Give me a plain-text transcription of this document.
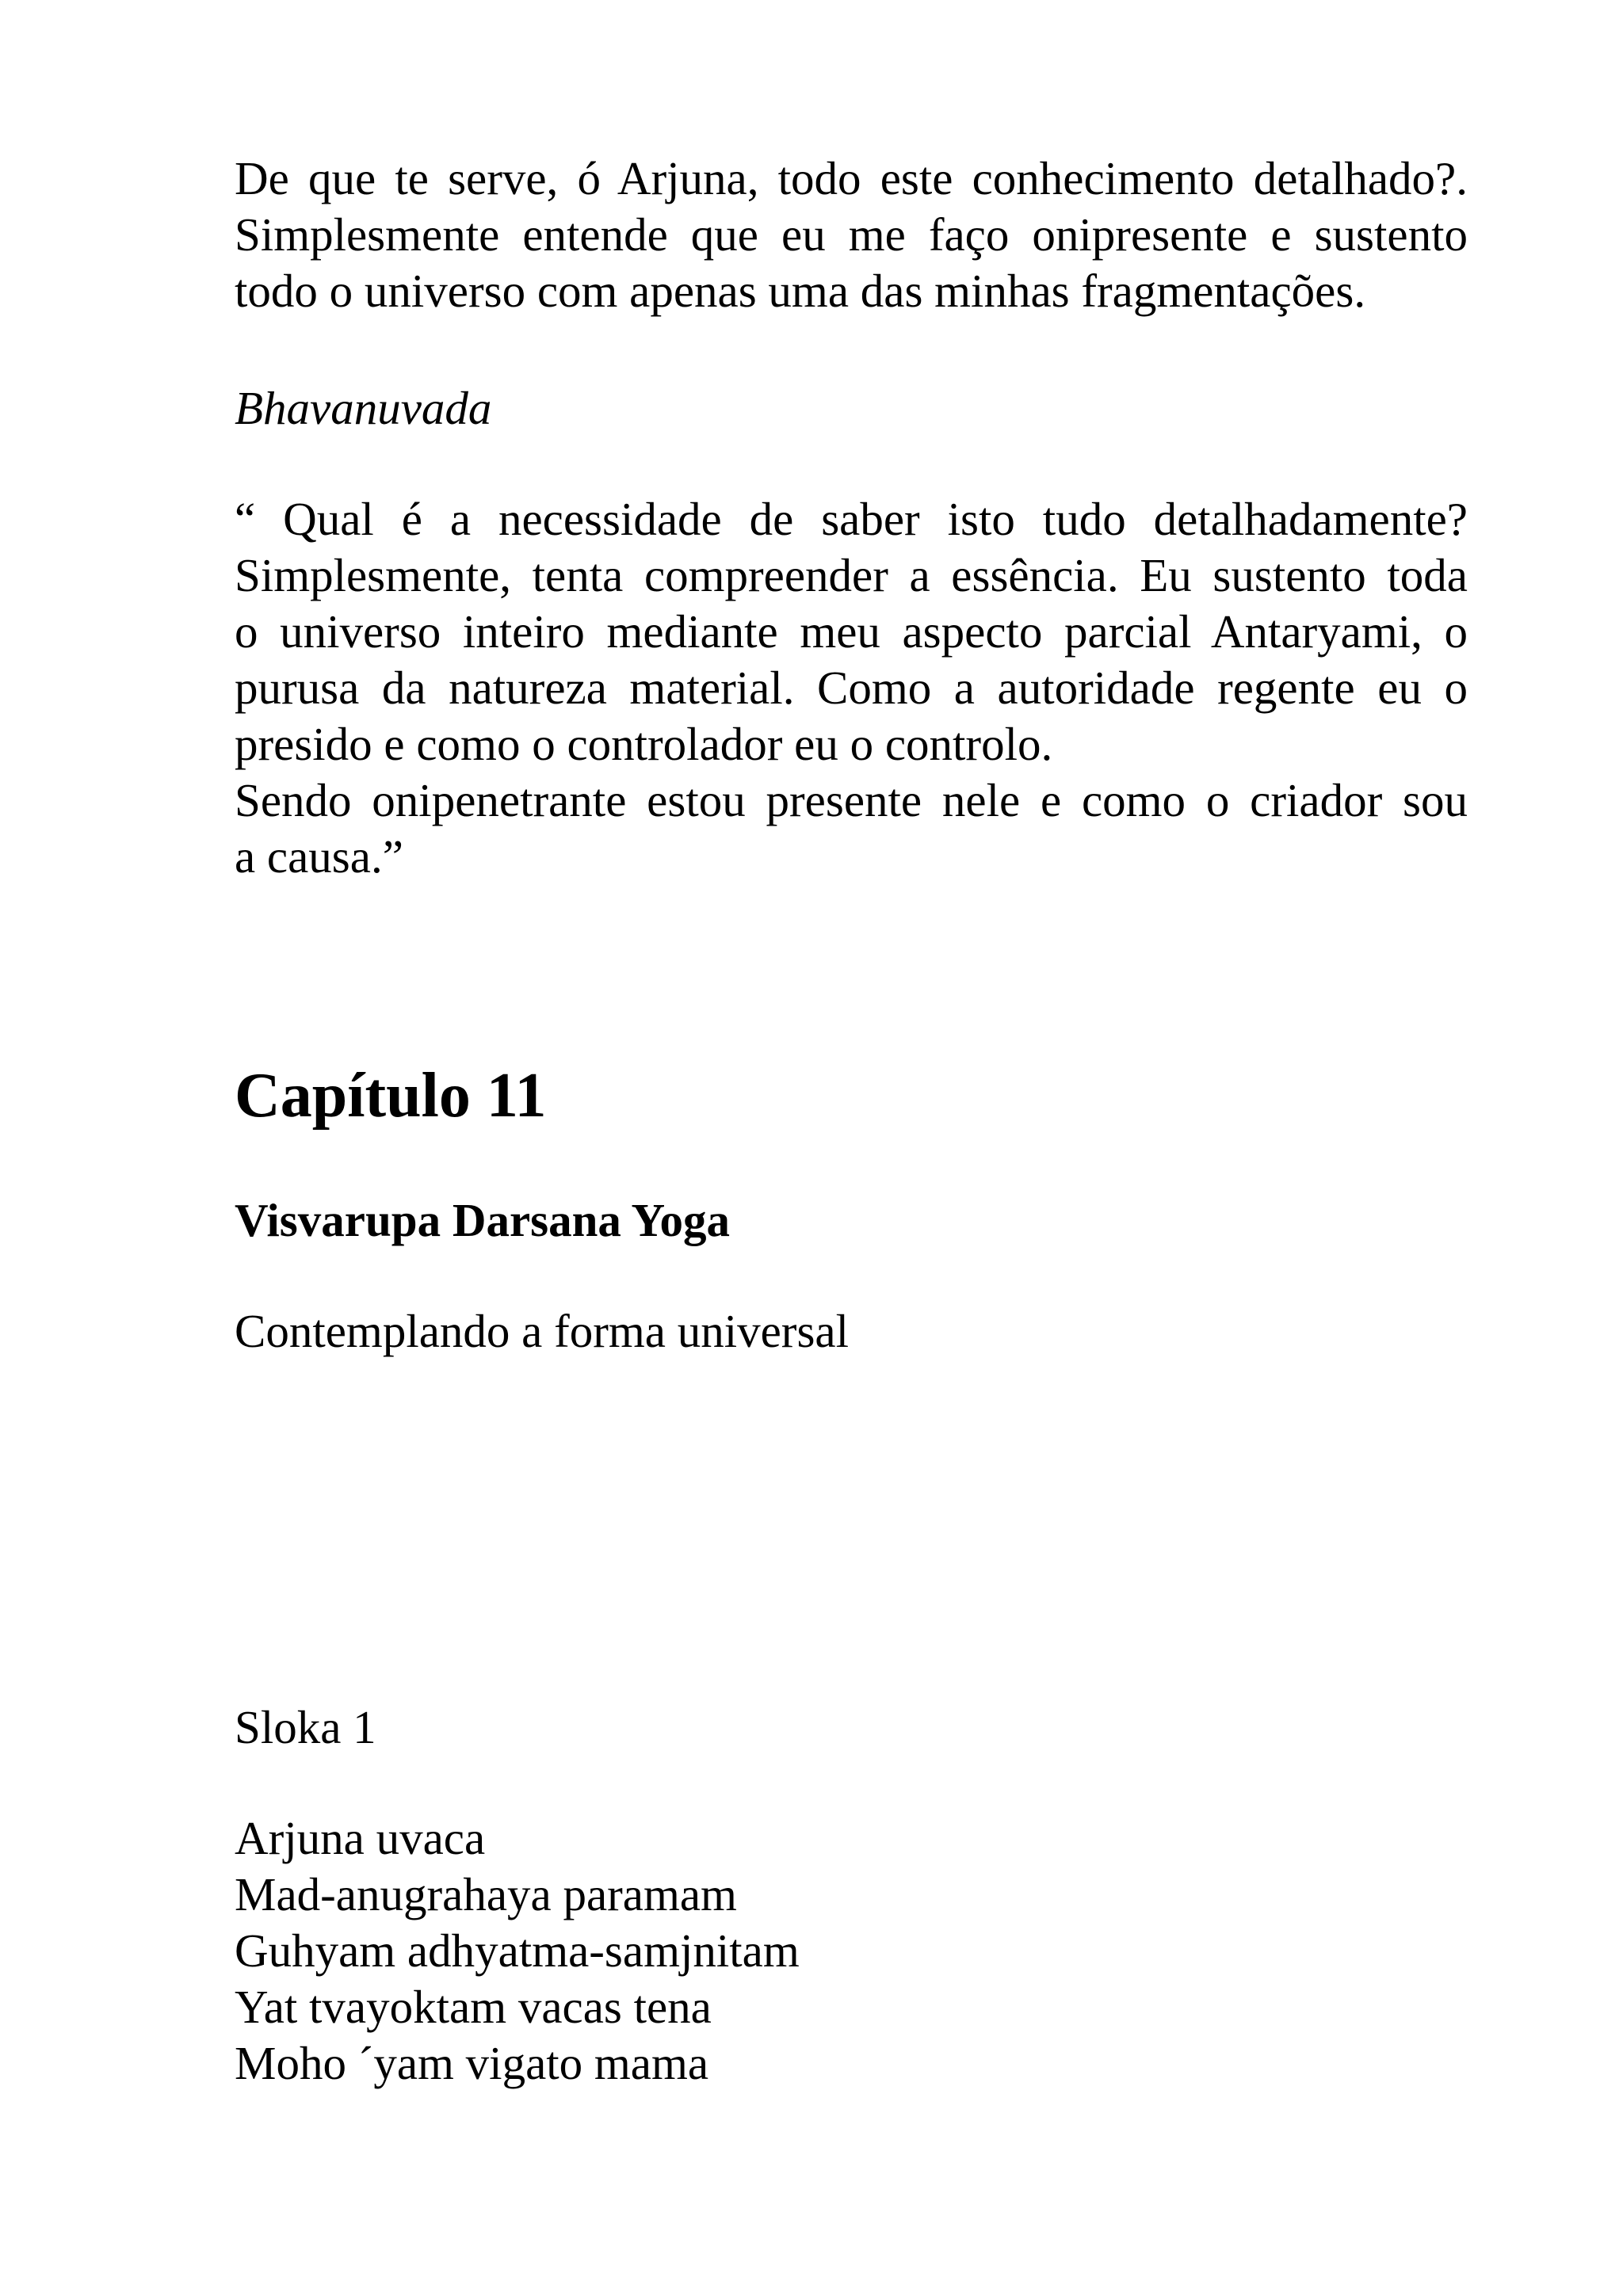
De que te serve, ó Arjuna, todo este conhecimento detalhado?.
Simplesmente entende que eu me faço onipresente e sustento
todo o universo com apenas uma das minhas fragmentações.

Bhavanuvada

“ Qual é a necessidade de saber isto tudo detalhadamente?
Simplesmente, tenta compreender a essência. Eu sustento toda
o universo inteiro mediante meu aspecto parcial Antaryami, o
purusa da natureza material. Como a autoridade regente eu o
presido e como o controlador eu o controlo.
Sendo onipenetrante estou presente nele e como o criador sou
a causa.”
Capítulo 11
Visvarupa Darsana Yoga

Contemplando a forma universal

Sloka 1

Arjuna uvaca
Mad-anugrahaya paramam
Guhyam adhyatma-samjnitam
Yat tvayoktam vacas tena
Moho ´yam vigato mama
